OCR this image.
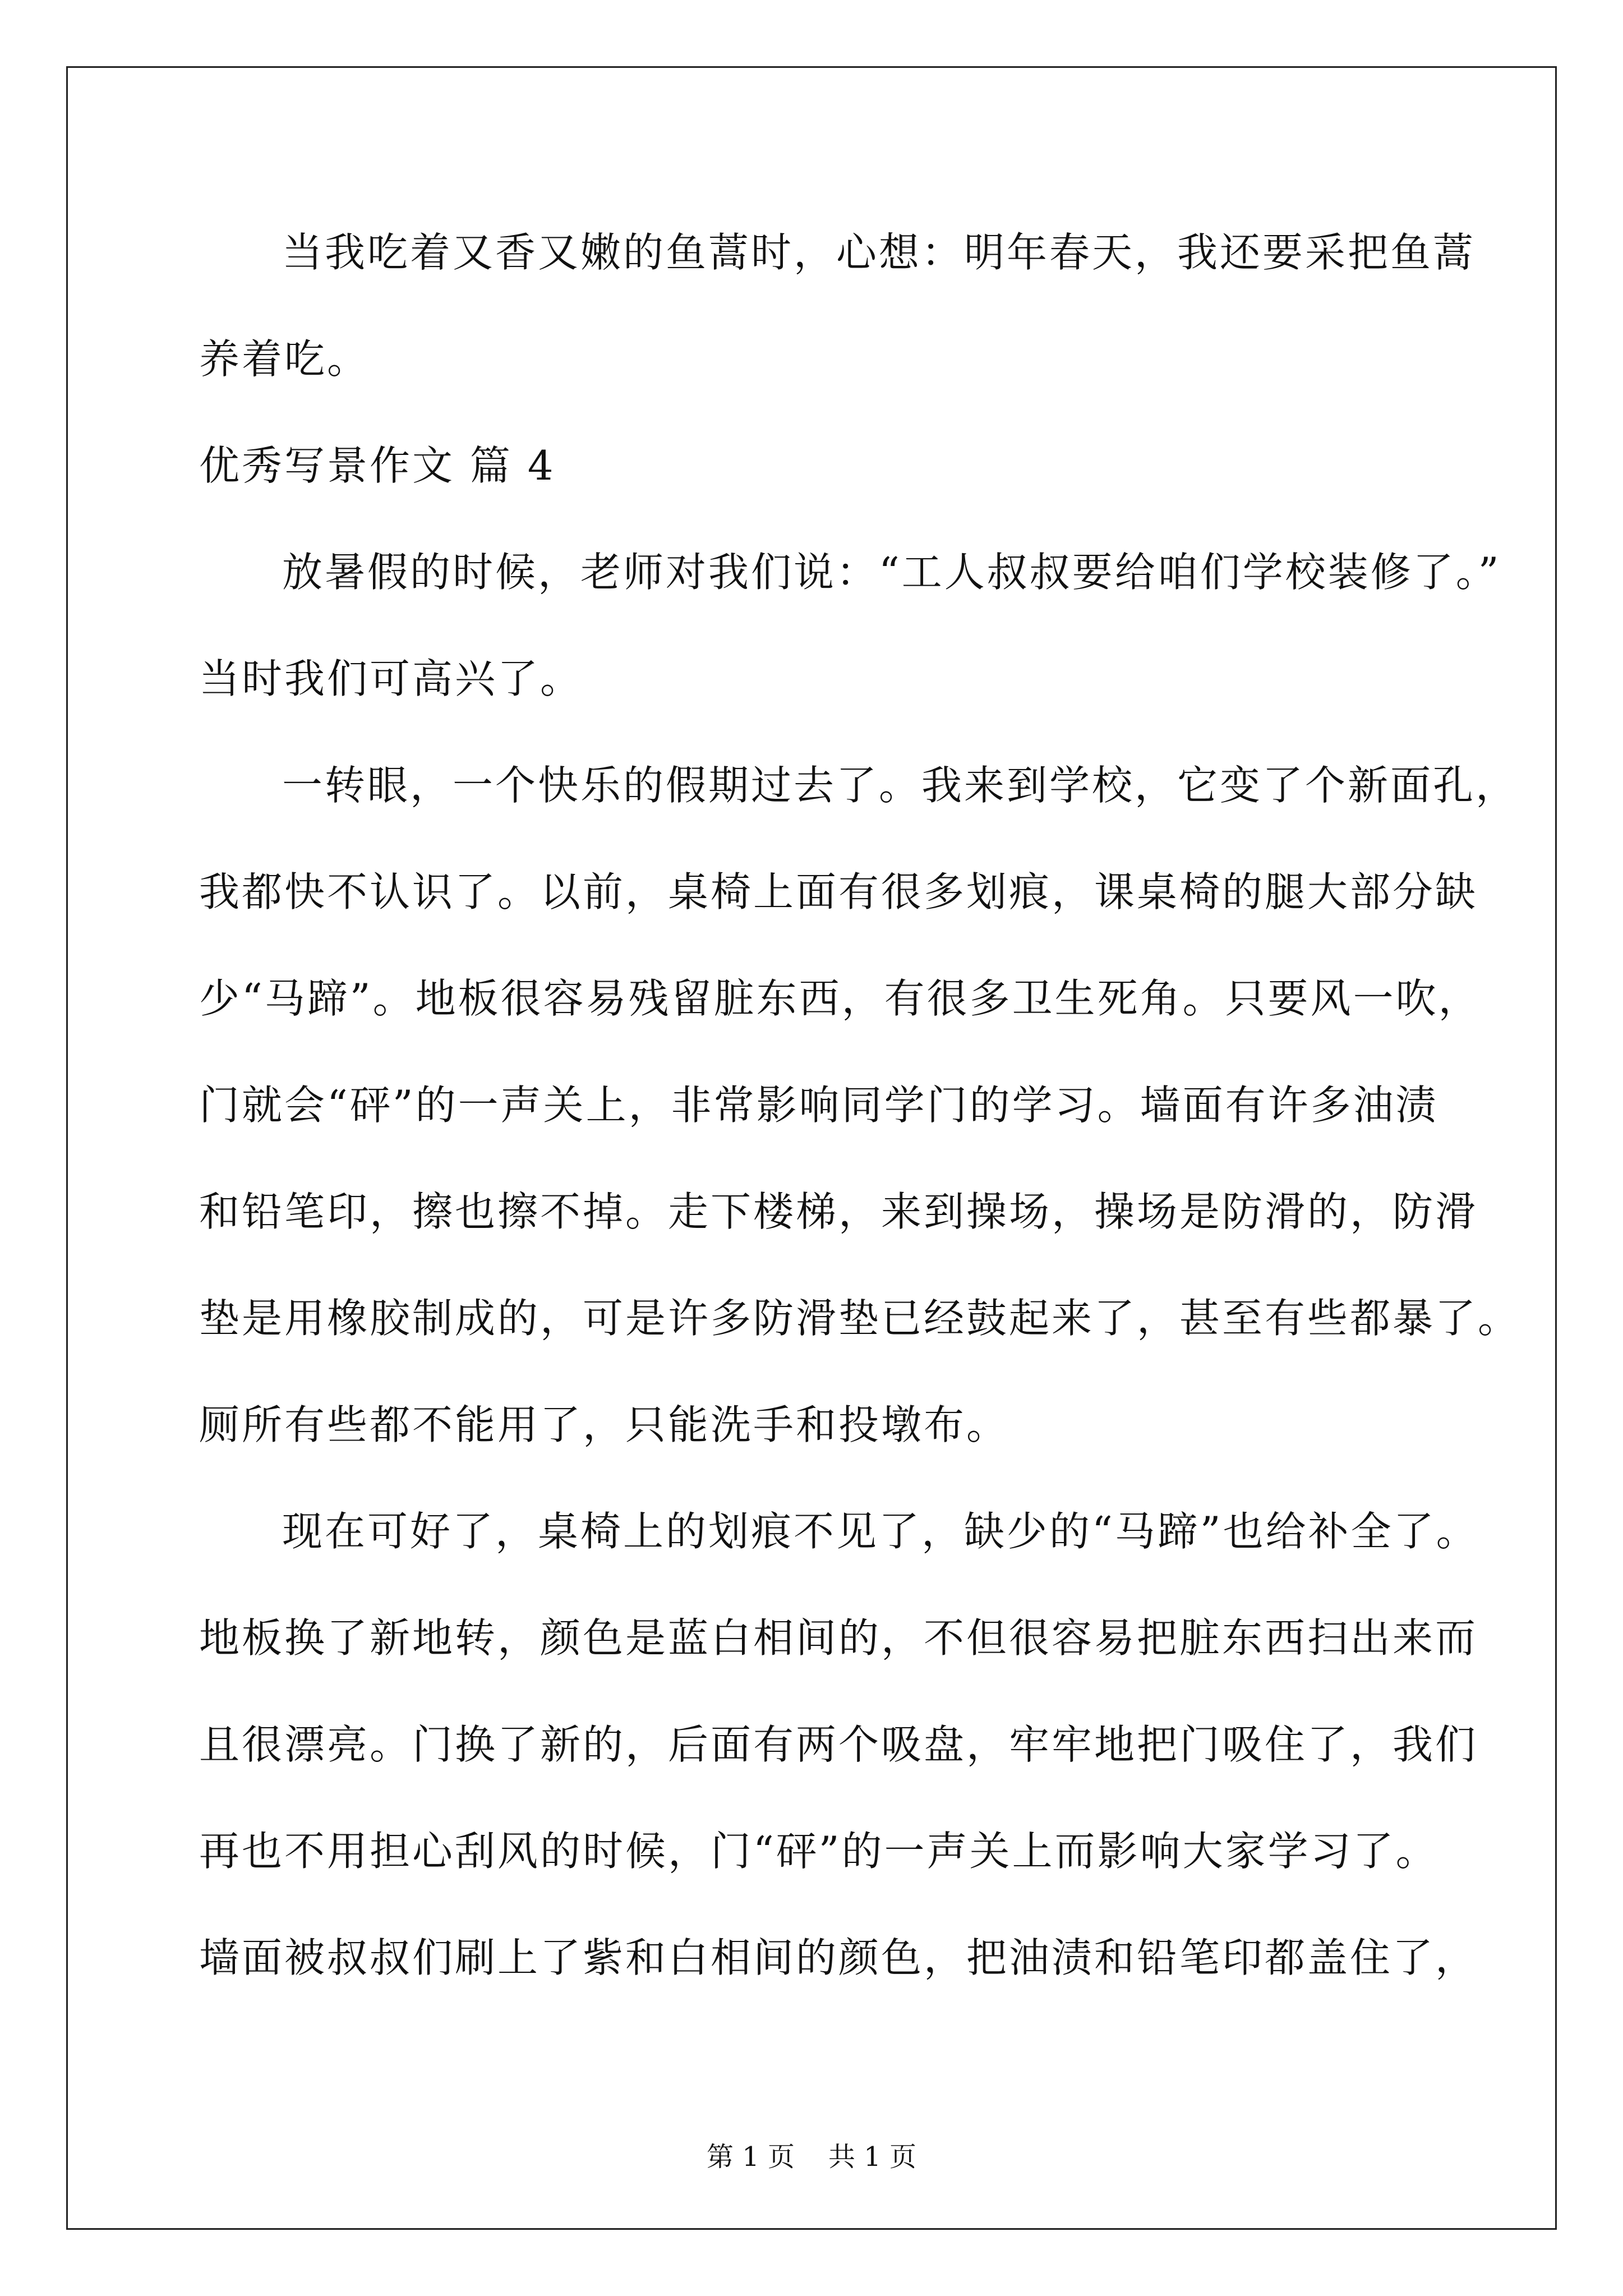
当我吃着又香又嫩的鱼蒿时，心想：明年春天，我还要采把鱼蒿
养着吃。
优秀写景作文 篇 4
放暑假的时候，老师对我们说：“工人叔叔要给咱们学校装修了。”
当时我们可高兴了。
一转眼，一个快乐的假期过去了。我来到学校，它变了个新面孔，
我都快不认识了。以前，桌椅上面有很多划痕，课桌椅的腿大部分缺
少“马蹄”。地板很容易残留脏东西，有很多卫生死角。只要风一吹，
门就会“砰”的一声关上，非常影响同学门的学习。墙面有许多油渍
和铅笔印，擦也擦不掉。走下楼梯，来到操场，操场是防滑的，防滑
垫是用橡胶制成的，可是许多防滑垫已经鼓起来了，甚至有些都暴了。
厕所有些都不能用了，只能洗手和投墩布。
现在可好了，桌椅上的划痕不见了，缺少的“马蹄”也给补全了。
地板换了新地转，颜色是蓝白相间的，不但很容易把脏东西扫出来而
且很漂亮。门换了新的，后面有两个吸盘，牢牢地把门吸住了，我们
再也不用担心刮风的时候，门“砰”的一声关上而影响大家学习了。
墙面被叔叔们刷上了紫和白相间的颜色，把油渍和铅笔印都盖住了，
第 1 页 共 1 页
